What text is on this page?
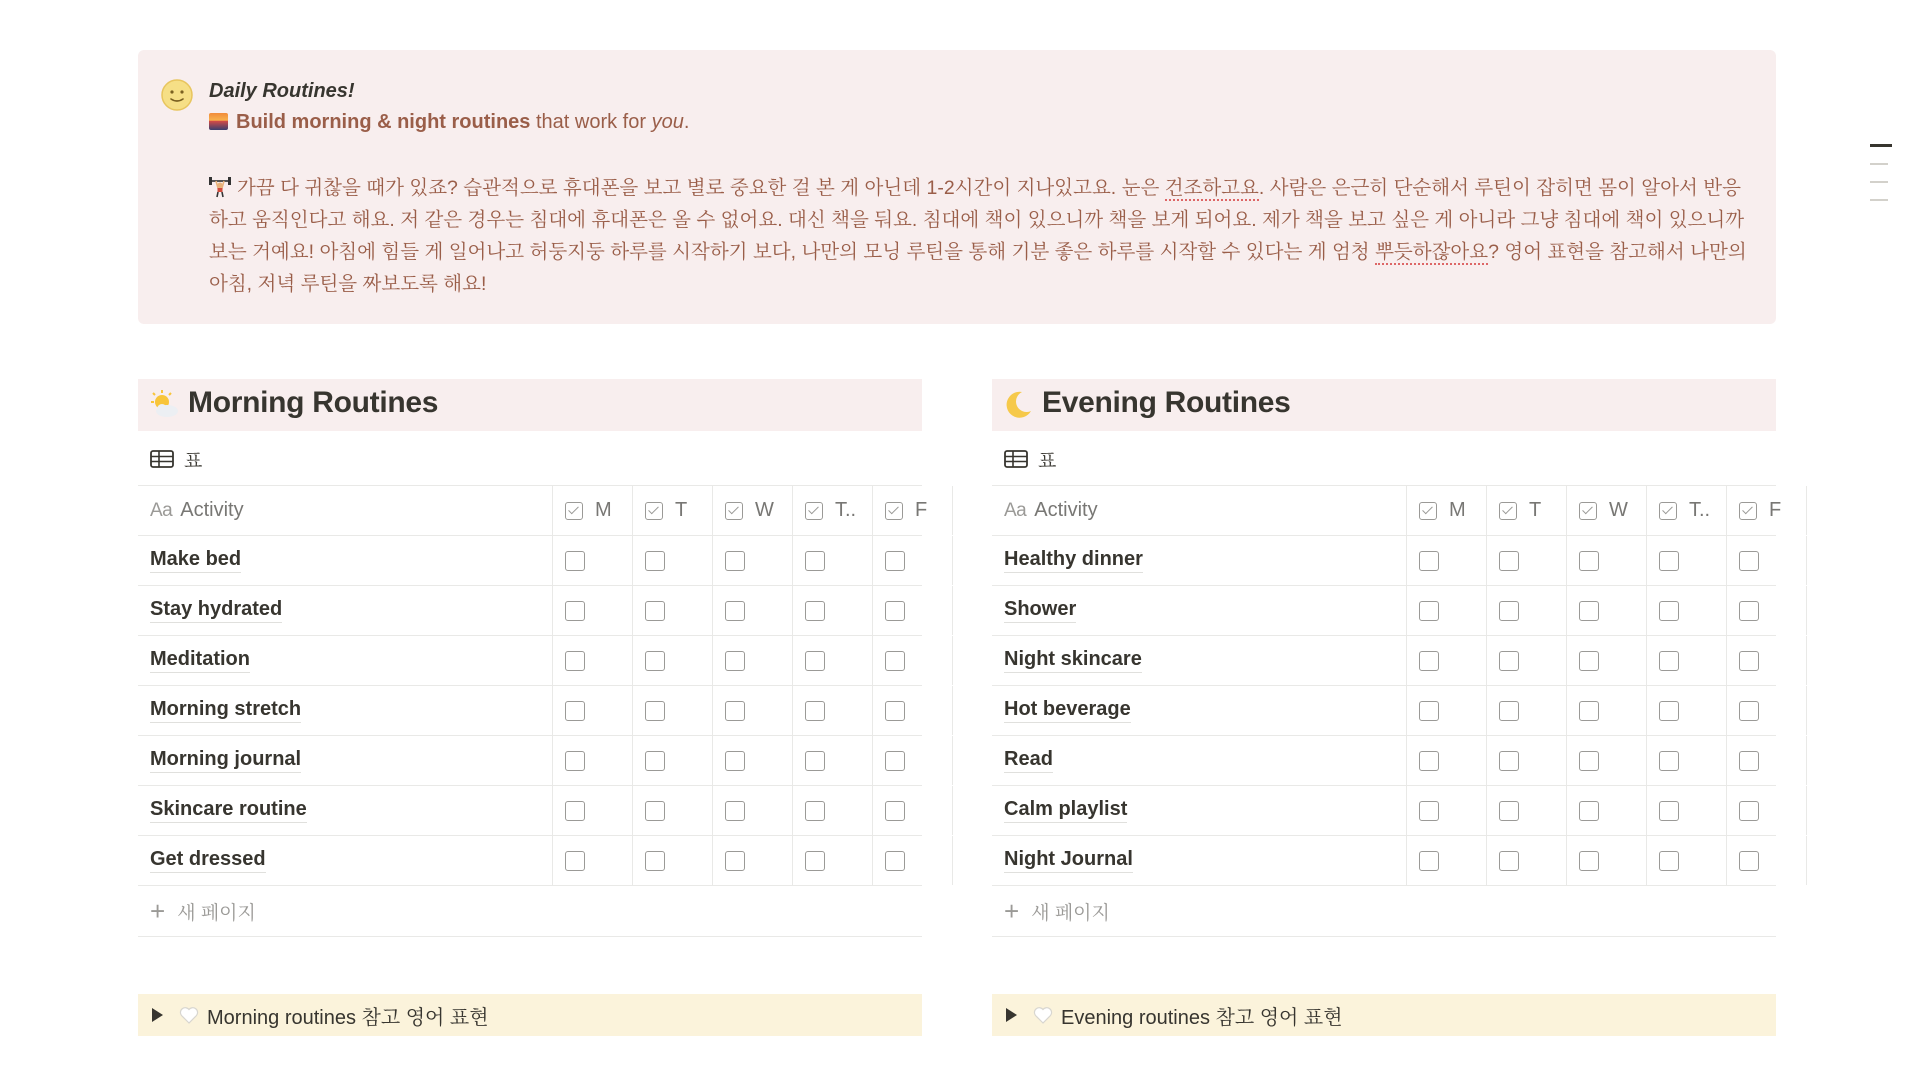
Daily Routines!
Build morning & night routines that work for you.
가끔 다 귀찮을 때가 있죠? 습관적으로 휴대폰을 보고 별로 중요한 걸 본 게 아닌데 1-2시간이 지나있고요. 눈은 건조하고요. 사람은 은근히 단순해서 루틴이 잡히면 몸이 알아서 반응하고 움직인다고 해요. 저 같은 경우는 침대에 휴대폰은 올 수 없어요. 대신 책을 둬요. 침대에 책이 있으니까 책을 보게 되어요. 제가 책을 보고 싶은 게 아니라 그냥 침대에 책이 있으니까 보는 거예요! 아침에 힘들 게 일어나고 허둥지둥 하루를 시작하기 보다, 나만의 모닝 루틴을 통해 기분 좋은 하루를 시작할 수 있다는 게 엄청 뿌듯하잖아요? 영어 표현을 참고해서 나만의 아침, 저녁 루틴을 짜보도록 해요!
Morning Routines
표
Aa Activity	M	T	W	T..	F
Make bed
Stay hydrated
Meditation
Morning stretch
Morning journal
Skincare routine
Get dressed
+ 새 페이지
Evening Routines
표
Aa Activity	M	T	W	T..	F
Healthy dinner
Shower
Night skincare
Hot beverage
Read
Calm playlist
Night Journal
+ 새 페이지
Morning routines 참고 영어 표현	Evening routines 참고 영어 표현
